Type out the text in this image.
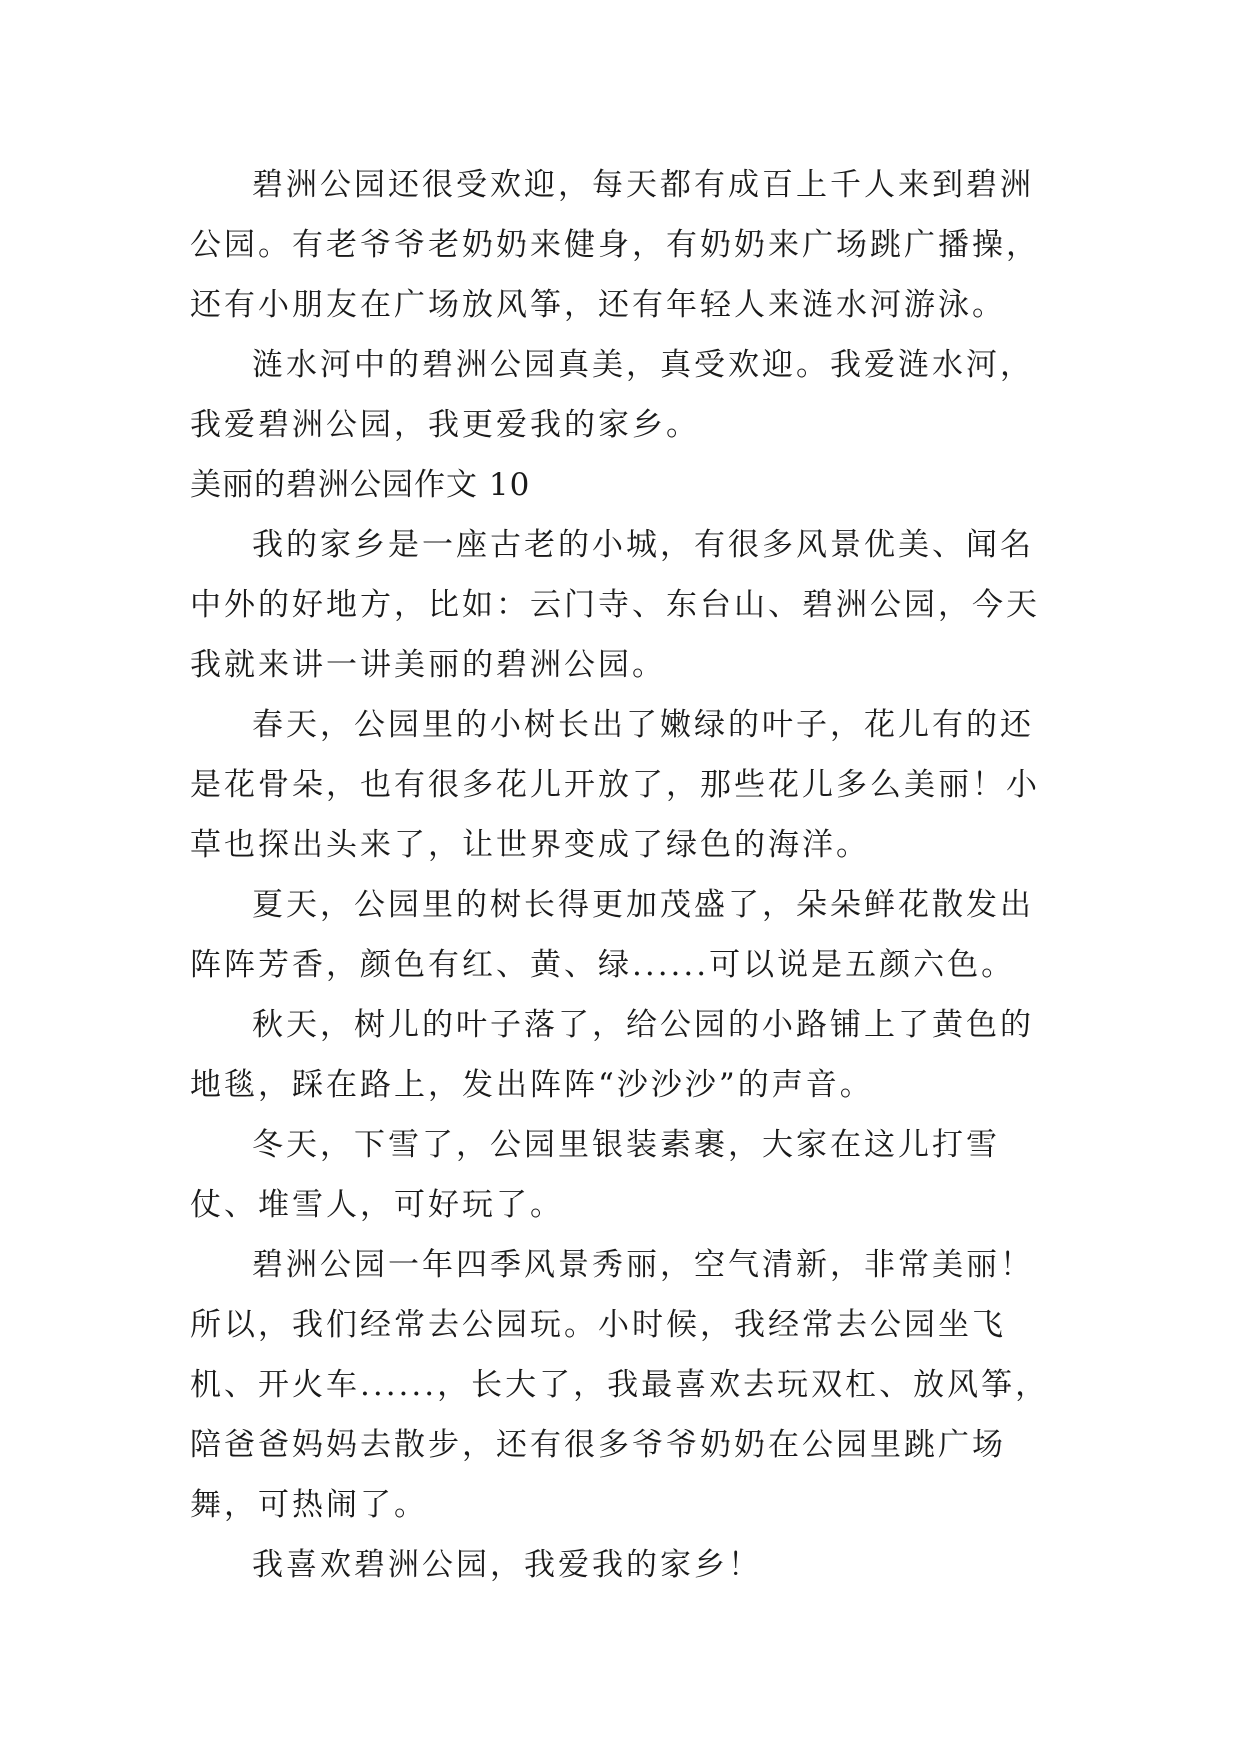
碧洲公园还很受欢迎，每天都有成百上千人来到碧洲公园。有老爷爷老奶奶来健身，有奶奶来广场跳广播操，还有小朋友在广场放风筝，还有年轻人来涟水河游泳。

涟水河中的碧洲公园真美，真受欢迎。我爱涟水河，我爱碧洲公园，我更爱我的家乡。

美丽的碧洲公园作文 10

我的家乡是一座古老的小城，有很多风景优美、闻名中外的好地方，比如：云门寺、东台山、碧洲公园，今天我就来讲一讲美丽的碧洲公园。

春天，公园里的小树长出了嫩绿的叶子，花儿有的还是花骨朵，也有很多花儿开放了，那些花儿多么美丽！小草也探出头来了，让世界变成了绿色的海洋。

夏天，公园里的树长得更加茂盛了，朵朵鲜花散发出阵阵芳香，颜色有红、黄、绿......可以说是五颜六色。

秋天，树儿的叶子落了，给公园的小路铺上了黄色的地毯，踩在路上，发出阵阵“沙沙沙”的声音。

冬天，下雪了，公园里银装素裹，大家在这儿打雪仗、堆雪人，可好玩了。

碧洲公园一年四季风景秀丽，空气清新，非常美丽！所以，我们经常去公园玩。小时候，我经常去公园坐飞机、开火车......，长大了，我最喜欢去玩双杠、放风筝，陪爸爸妈妈去散步，还有很多爷爷奶奶在公园里跳广场舞，可热闹了。

我喜欢碧洲公园，我爱我的家乡！
